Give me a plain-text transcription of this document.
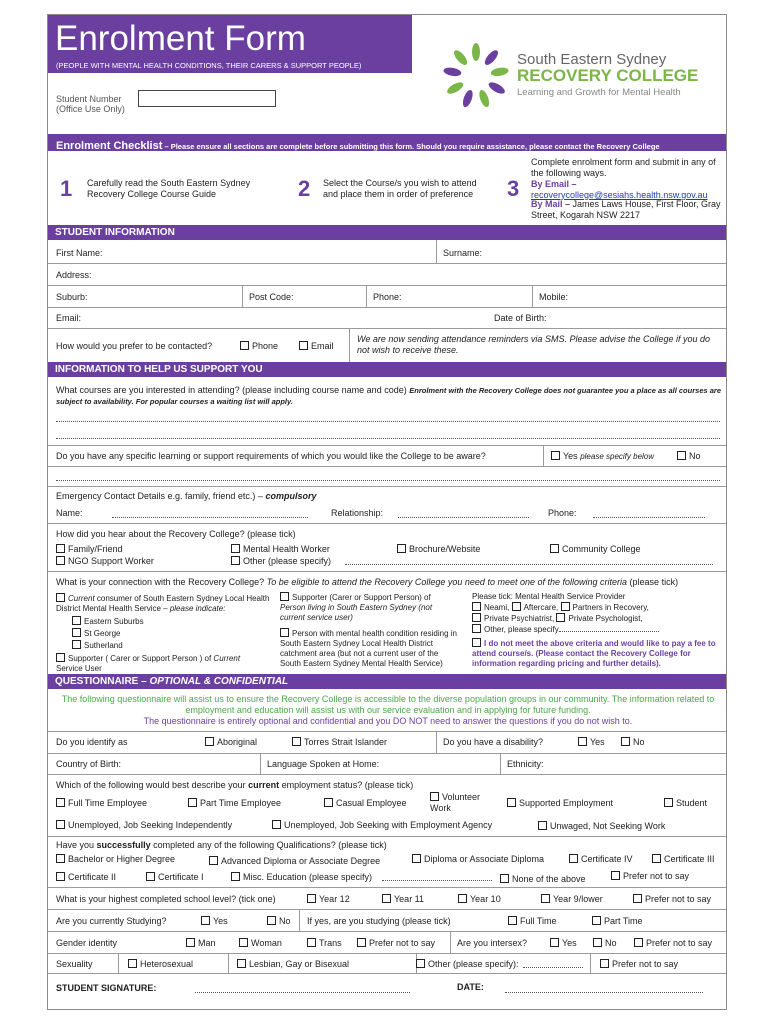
Enrolment Form
(PEOPLE WITH MENTAL HEALTH CONDITIONS, THEIR CARERS & SUPPORT PEOPLE)
Student Number
(Office Use Only)
South Eastern Sydney
RECOVERY COLLEGE
Learning and Growth for Mental Health
Enrolment Checklist – Please ensure all sections are complete before submitting this form. Should you require assistance, please contact the Recovery College
1 Carefully read the South Eastern Sydney Recovery College Course Guide	2 Select the Course/s you wish to attend and place them in order of preference	3
Complete enrolment form and submit in any of the following ways.
By Email –
recoverycollege@sesiahs.health.nsw.gov.au
By Mail – James Laws House, First Floor, Gray Street, Kogarah NSW 2217
STUDENT INFORMATION
First Name:	Surname:
Address:
Suburb:	Post Code:	Phone:	Mobile:
Email:	Date of Birth:
How would you prefer to be contacted?	Phone	Email
We are now sending attendance reminders via SMS. Please advise the College if you do not wish to receive these.
INFORMATION TO HELP US SUPPORT YOU
What courses are you interested in attending? (please including course name and code) Enrolment with the Recovery College does not guarantee you a place as all courses are subject to availability. For popular courses a waiting list will apply.
Do you have any specific learning or support requirements of which you would like the College to be aware?	Yes please specify below	No
Emergency Contact Details e.g. family, friend etc.) – compulsory
Name:	Relationship:	Phone:
How did you hear about the Recovery College? (please tick)
Family/Friend	Mental Health Worker	Brochure/Website	Community College
NGO Support Worker	Other (please specify)
What is your connection with the Recovery College? To be eligible to attend the Recovery College you need to meet one of the following criteria (please tick)
Current consumer of South Eastern Sydney Local Health District Mental Health Service – please indicate:
Eastern Suburbs
St George
Sutherland
Supporter ( Carer or Support Person ) of Current Service User
Supporter (Carer or Support Person) of Person living in South Eastern Sydney (not current service user)
Person with mental health condition residing in South Eastern Sydney Local Health District catchment area (but not a current user of the South Eastern Sydney Mental Health Service)
Please tick: Mental Health Service Provider
Neami, Aftercare, Partners in Recovery,
Private Psychiatrist, Private Psychologist,
Other, please specify
I do not meet the above criteria and would like to pay a fee to attend course/s. (Please contact the Recovery College for information regarding pricing and further details).
QUESTIONNAIRE – OPTIONAL & CONFIDENTIAL
The following questionnaire will assist us to ensure the Recovery College is accessible to the diverse population groups in our community. The information related to employment and education will assist us with our service evaluation and in applying for future funding.
The questionnaire is entirely optional and confidential and you DO NOT need to answer the questions if you do not wish to.
Do you identify as	Aboriginal	Torres Strait Islander	Do you have a disability?	Yes	No
Country of Birth:	Language Spoken at Home:	Ethnicity:
Which of the following would best describe your current employment status? (please tick)
Full Time Employee	Part Time Employee	Casual Employee
Volunteer
Work	Supported Employment	Student
Unemployed, Job Seeking Independently	Unemployed, Job Seeking with Employment Agency	Unwaged, Not Seeking Work
Have you successfully completed any of the following Qualifications? (please tick)
Bachelor or Higher Degree	Advanced Diploma or Associate Degree	Diploma or Associate Diploma	Certificate IV	Certificate III
Certificate II	Certificate I	Misc. Education (please specify)	None of the above	Prefer not to say
What is your highest completed school level? (tick one)	Year 12	Year 11	Year 10	Year 9/lower	Prefer not to say
Are you currently Studying?	Yes	No If yes, are you studying (please tick)	Full Time	Part Time
Gender identity	Man	Woman	Trans	Prefer not to say Are you intersex?	Yes	No	Prefer not to say
Sexuality	Heterosexual	Lesbian, Gay or Bisexual	Other (please specify):	Prefer not to say
STUDENT SIGNATURE:	DATE:
